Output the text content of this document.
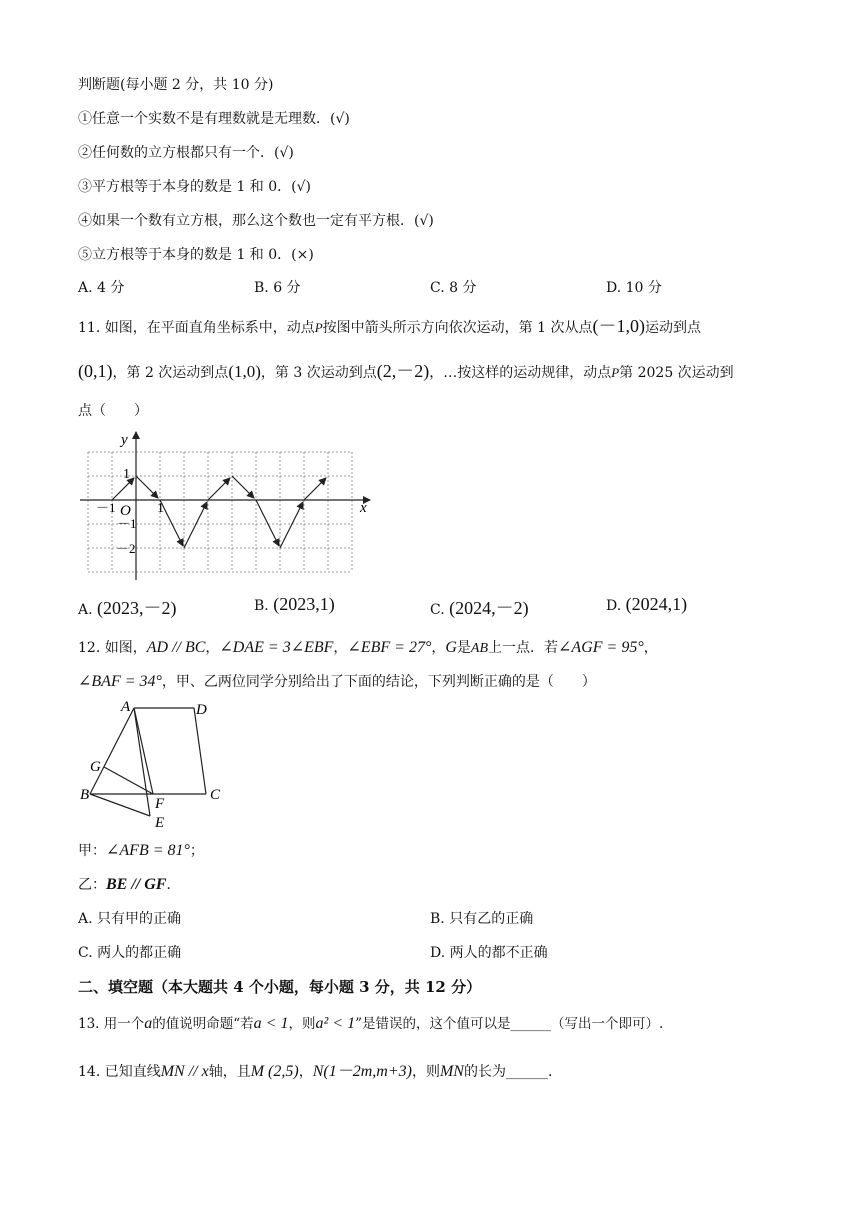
判断题(每小题 2 分，共 10 分)
①任意一个实数不是有理数就是无理数．(√)
②任何数的立方根都只有一个．(√)
③平方根等于本身的数是 1 和 0．(√)
④如果一个数有立方根，那么这个数也一定有平方根．(√)
⑤立方根等于本身的数是 1 和 0．(×)
A. 4 分	B. 6 分	C. 8 分	D. 10 分
11. 如图，在平面直角坐标系中，动点P按图中箭头所示方向依次运动，第 1 次从点(－1,0)运动到点
(0,1)，第 2 次运动到点(1,0)，第 3 次运动到点(2,－2)，…按这样的运动规律，动点P第 2025 次运动到
点（　　）
y
x
O
－1	1
1
－1
－2
A. (2023,－2)	B. (2023,1)	C. (2024,－2)	D. (2024,1)
12. 如图，AD // BC，∠DAE = 3∠EBF，∠EBF = 27°，G是AB上一点．若∠AGF = 95°，
∠BAF = 34°，甲、乙两位同学分别给出了下面的结论，下列判断正确的是（　　）
A	D
G
B
F
C
E
甲：∠AFB = 81°；
乙：BE // GF．
A. 只有甲的正确	B. 只有乙的正确
C. 两人的都正确	D. 两人的都不正确
二、填空题（本大题共 4 个小题，每小题 3 分，共 12 分）
13. 用一个a的值说明命题“若a < 1，则a² < 1”是错误的，这个值可以是______（写出一个即可）.
14. 已知直线MN // x轴，且M (2,5)，N(1－2m,m+3)，则MN的长为______.
